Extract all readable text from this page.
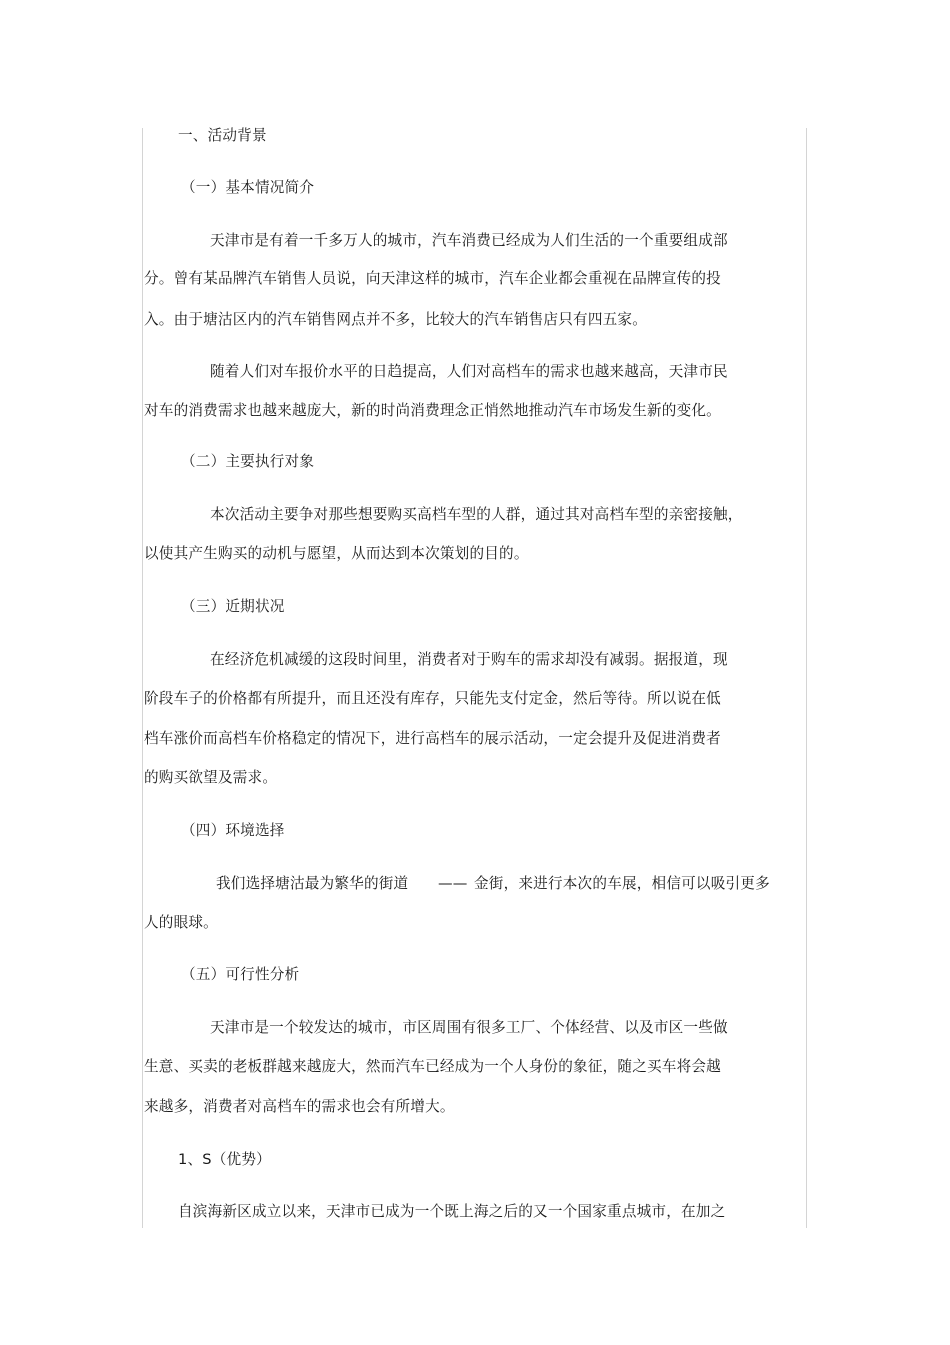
一、活动背景
（一）基本情况简介
天津市是有着一千多万人的城市，汽车消费已经成为人们生活的一个重要组成部
分。曾有某品牌汽车销售人员说，向天津这样的城市，汽车企业都会重视在品牌宣传的投
入。由于塘沽区内的汽车销售网点并不多，比较大的汽车销售店只有四五家。
随着人们对车报价水平的日趋提高，人们对高档车的需求也越来越高，天津市民
对车的消费需求也越来越庞大，新的时尚消费理念正悄然地推动汽车市场发生新的变化。
（二）主要执行对象
本次活动主要争对那些想要购买高档车型的人群，通过其对高档车型的亲密接触，
以使其产生购买的动机与愿望，从而达到本次策划的目的。
（三）近期状况
在经济危机减缓的这段时间里，消费者对于购车的需求却没有减弱。据报道，现
阶段车子的价格都有所提升，而且还没有库存，只能先支付定金，然后等待。所以说在低
档车涨价而高档车价格稳定的情况下，进行高档车的展示活动，一定会提升及促进消费者
的购买欲望及需求。
（四）环境选择
我们选择塘沽最为繁华的街道 —— 金街，来进行本次的车展，相信可以吸引更多
人的眼球。
（五）可行性分析
天津市是一个较发达的城市，市区周围有很多工厂、个体经营、以及市区一些做
生意、买卖的老板群越来越庞大，然而汽车已经成为一个人身份的象征，随之买车将会越
来越多，消费者对高档车的需求也会有所增大。
1、S（优势）
自滨海新区成立以来，天津市已成为一个既上海之后的又一个国家重点城市，在加之
